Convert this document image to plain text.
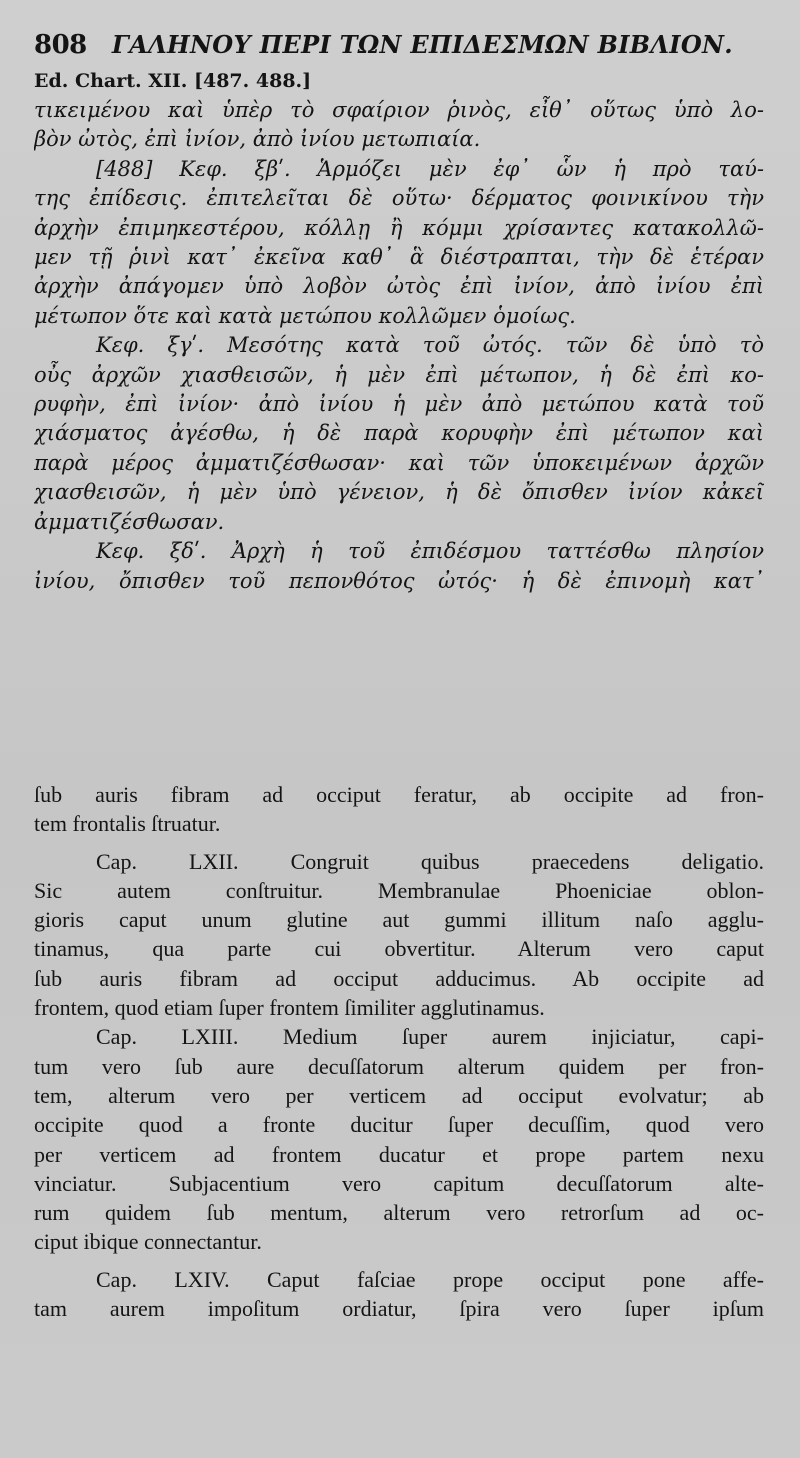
808 ΓΑΛΗΝΟΥ ΠΕΡΙ ΤΩΝ ΕΠΙΔΕΣΜΩΝ ΒΙΒΛΙΟΝ.
Ed. Chart. XII. [487. 488.]
τικειμένου καὶ ὑπὲρ τὸ σφαίριον ῥινὸς, εἶθ᾽ οὕτως ὑπὸ λο-
βὸν ὠτὸς, ἐπὶ ἰνίον, ἀπὸ ἰνίου μετωπιαία.
[488] Κεφ. ξβʹ. Ἁρμόζει μὲν ἐφ᾽ ὧν ἡ πρὸ ταύ-
της ἐπίδεσις. ἐπιτελεῖται δὲ οὕτω· δέρματος φοινικίνου τὴν
ἀρχὴν ἐπιμηκεστέρου, κόλλῃ ἢ κόμμι χρίσαντες κατακολλῶ-
μεν τῇ ῥινὶ κατ᾽ ἐκεῖνα καθ᾽ ἃ διέστραπται, τὴν δὲ ἑτέραν
ἀρχὴν ἀπάγομεν ὑπὸ λοβὸν ὠτὸς ἐπὶ ἰνίον, ἀπὸ ἰνίου ἐπὶ
μέτωπον ὅτε καὶ κατὰ μετώπου κολλῶμεν ὁμοίως.
Κεφ. ξγʹ. Μεσότης κατὰ τοῦ ὠτός. τῶν δὲ ὑπὸ τὸ
οὖς ἀρχῶν χιασθεισῶν, ἡ μὲν ἐπὶ μέτωπον, ἡ δὲ ἐπὶ κο-
ρυφὴν, ἐπὶ ἰνίον· ἀπὸ ἰνίου ἡ μὲν ἀπὸ μετώπου κατὰ τοῦ
χιάσματος ἀγέσθω, ἡ δὲ παρὰ κορυφὴν ἐπὶ μέτωπον καὶ
παρὰ μέρος ἀμματιζέσθωσαν· καὶ τῶν ὑποκειμένων ἀρχῶν
χιασθεισῶν, ἡ μὲν ὑπὸ γένειον, ἡ δὲ ὄπισθεν ἰνίον κἀκεῖ
ἀμματιζέσθωσαν.
Κεφ. ξδʹ. Ἀρχὴ ἡ τοῦ ἐπιδέσμου ταττέσθω πλησίον
ἰνίου, ὄπισθεν τοῦ πεπονθότος ὠτός· ἡ δὲ ἐπινομὴ κατ᾽
ſub auris fibram ad occiput feratur, ab occipite ad fron-
tem frontalis ſtruatur.
Cap. LXII. Congruit quibus praecedens deligatio.
Sic autem conſtruitur. Membranulae Phoeniciae oblon-
gioris caput unum glutine aut gummi illitum naſo agglu-
tinamus, qua parte cui obvertitur. Alterum vero caput
ſub auris fibram ad occiput adducimus. Ab occipite ad
frontem, quod etiam ſuper frontem ſimiliter agglutinamus.
Cap. LXIII. Medium ſuper aurem injiciatur, capi-
tum vero ſub aure decuſſatorum alterum quidem per fron-
tem, alterum vero per verticem ad occiput evolvatur; ab
occipite quod a fronte ducitur ſuper decuſſim, quod vero
per verticem ad frontem ducatur et prope partem nexu
vinciatur. Subjacentium vero capitum decuſſatorum alte-
rum quidem ſub mentum, alterum vero retrorſum ad oc-
ciput ibique connectantur.
Cap. LXIV. Caput faſciae prope occiput pone affe-
tam aurem impoſitum ordiatur, ſpira vero ſuper ipſum
